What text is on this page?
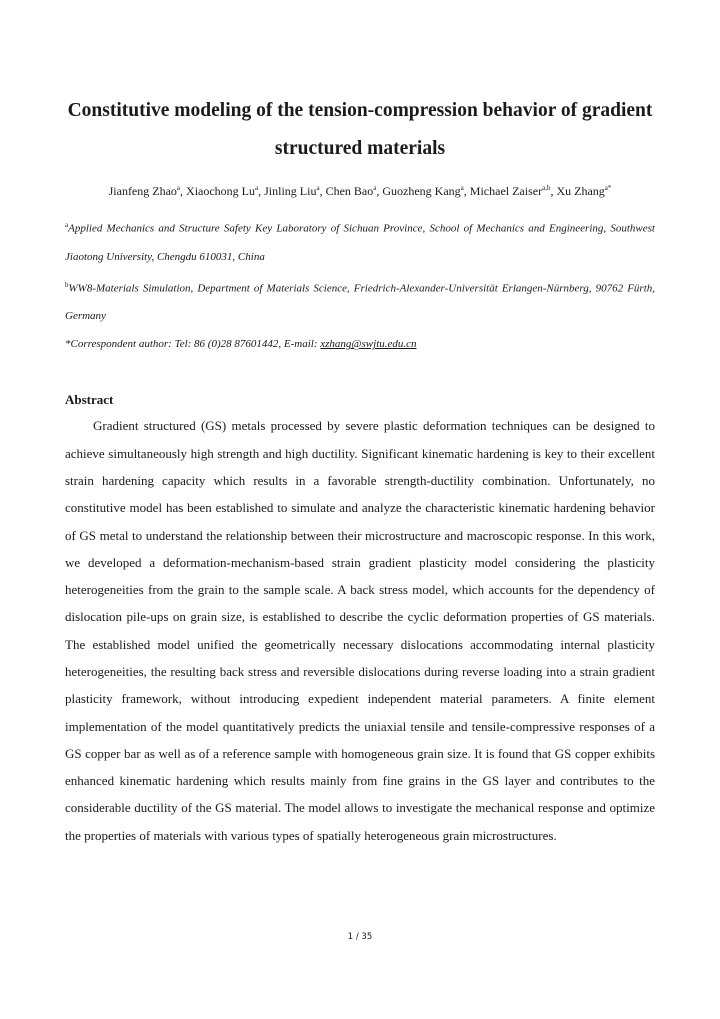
Constitutive modeling of the tension-compression behavior of gradient
structured materials
Jianfeng Zhao$^a$, Xiaochong Lu$^a$, Jinling Liu$^a$, Chen Bao$^a$, Guozheng Kang$^a$, Michael Zaiser$^{a,b}$, Xu Zhang$^{a*}$
$^a$Applied Mechanics and Structure Safety Key Laboratory of Sichuan Province, School of Mechanics and Engineering, Southwest Jiaotong University, Chengdu 610031, China
$^b$WW8-Materials Simulation, Department of Materials Science, Friedrich-Alexander-Universität Erlangen-Nürnberg, 90762 Fürth, Germany
*Correspondent author: Tel: 86 (0)28 87601442, E-mail: xzhang@swjtu.edu.cn
Abstract

Gradient structured (GS) metals processed by severe plastic deformation techniques can be designed to achieve simultaneously high strength and high ductility. Significant kinematic hardening is key to their excellent strain hardening capacity which results in a favorable strength-ductility combination. Unfortunately, no constitutive model has been established to simulate and analyze the characteristic kinematic hardening behavior of GS metal to understand the relationship between their microstructure and macroscopic response. In this work, we developed a deformation-mechanism-based strain gradient plasticity model considering the plasticity heterogeneities from the grain to the sample scale. A back stress model, which accounts for the dependency of dislocation pile-ups on grain size, is established to describe the cyclic deformation properties of GS materials. The established model unified the geometrically necessary dislocations accommodating internal plasticity heterogeneities, the resulting back stress and reversible dislocations during reverse loading into a strain gradient plasticity framework, without introducing expedient independent material parameters. A finite element implementation of the model quantitatively predicts the uniaxial tensile and tensile-compressive responses of a GS copper bar as well as of a reference sample with homogeneous grain size. It is found that GS copper exhibits enhanced kinematic hardening which results mainly from fine grains in the GS layer and contributes to the considerable ductility of the GS material. The model allows to investigate the mechanical response and optimize the properties of materials with various types of spatially heterogeneous grain microstructures.

1 / 35
